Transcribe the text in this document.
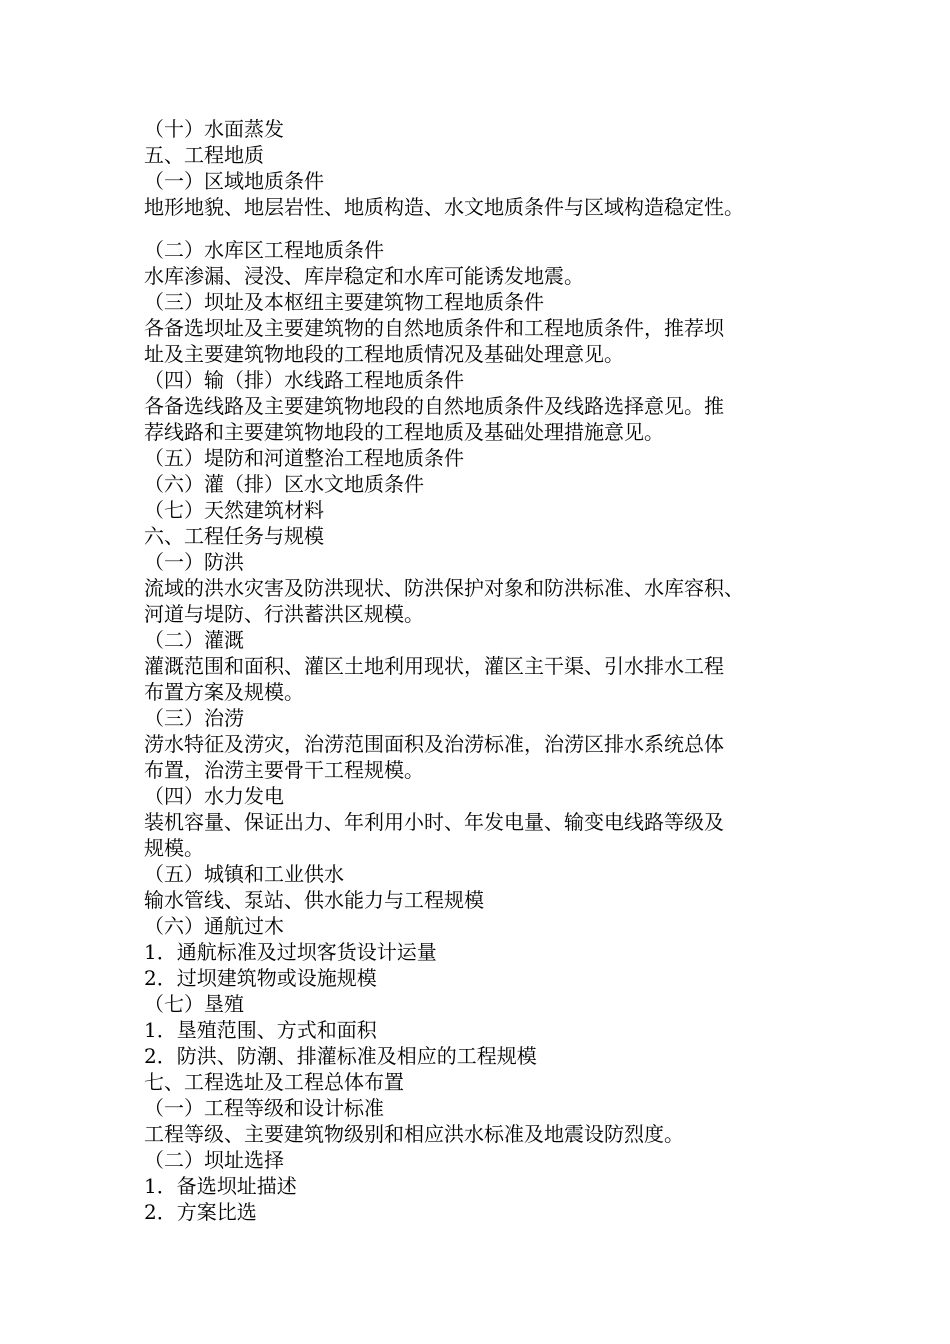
（十）水面蒸发
五、工程地质
（一）区域地质条件
地形地貌、地层岩性、地质构造、水文地质条件与区域构造稳定性。
（二）水库区工程地质条件
水库渗漏、浸没、库岸稳定和水库可能诱发地震。
（三）坝址及本枢纽主要建筑物工程地质条件
各备选坝址及主要建筑物的自然地质条件和工程地质条件，推荐坝
址及主要建筑物地段的工程地质情况及基础处理意见。
（四）输（排）水线路工程地质条件
各备选线路及主要建筑物地段的自然地质条件及线路选择意见。推
荐线路和主要建筑物地段的工程地质及基础处理措施意见。
（五）堤防和河道整治工程地质条件
（六）灌（排）区水文地质条件
（七）天然建筑材料
六、工程任务与规模
（一）防洪
流域的洪水灾害及防洪现状、防洪保护对象和防洪标准、水库容积、
河道与堤防、行洪蓄洪区规模。
（二）灌溉
灌溉范围和面积、灌区土地利用现状，灌区主干渠、引水排水工程
布置方案及规模。
（三）治涝
涝水特征及涝灾，治涝范围面积及治涝标准，治涝区排水系统总体
布置，治涝主要骨干工程规模。
（四）水力发电
装机容量、保证出力、年利用小时、年发电量、输变电线路等级及
规模。
（五）城镇和工业供水
输水管线、泵站、供水能力与工程规模
（六）通航过木
1．通航标准及过坝客货设计运量
2．过坝建筑物或设施规模
（七）垦殖
1．垦殖范围、方式和面积
2．防洪、防潮、排灌标准及相应的工程规模
七、工程选址及工程总体布置
（一）工程等级和设计标准
工程等级、主要建筑物级别和相应洪水标准及地震设防烈度。
（二）坝址选择
1．备选坝址描述
2．方案比选
